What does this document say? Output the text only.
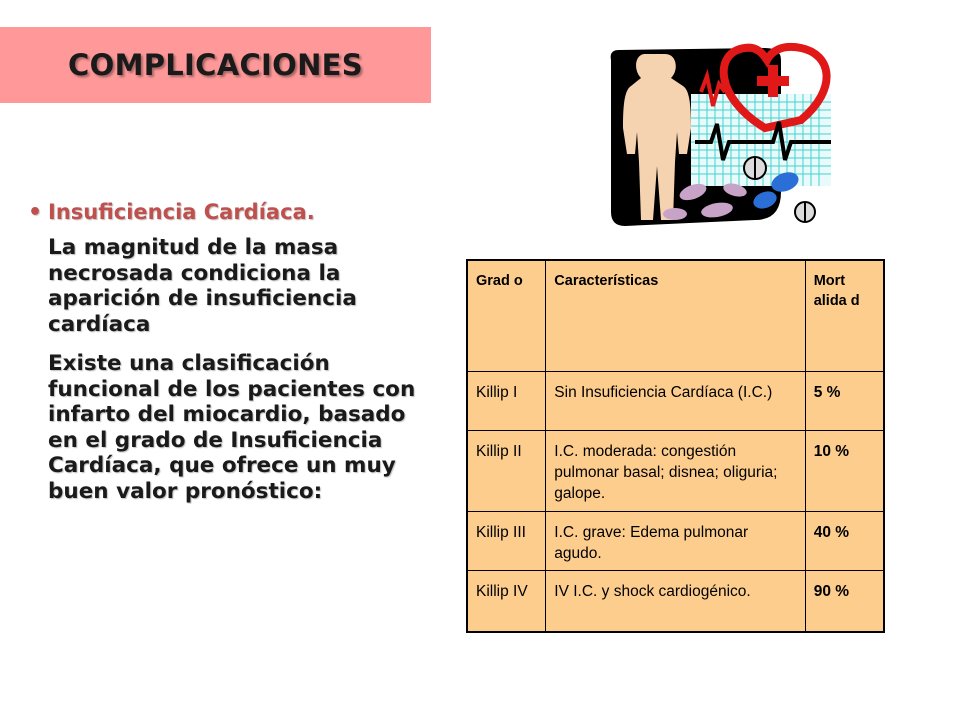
COMPLICACIONES
• Insuficiencia Cardíaca.
La magnitud de la masa necrosada condiciona la aparición de insuficiencia cardíaca
Existe una clasificación funcional de los pacientes con infarto del miocardio, basado en el grado de Insuficiencia Cardíaca, que ofrece un muy buen valor pronóstico:
Grad o	Características	Mort alida d
Killip I	Sin Insuficiencia Cardíaca (I.C.)	5 %
Killip II	I.C. moderada: congestión pulmonar basal; disnea; oliguria; galope.	10 %
Killip III	I.C. grave: Edema pulmonar agudo.	40 %
Killip IV	IV I.C. y shock cardiogénico.	90 %
